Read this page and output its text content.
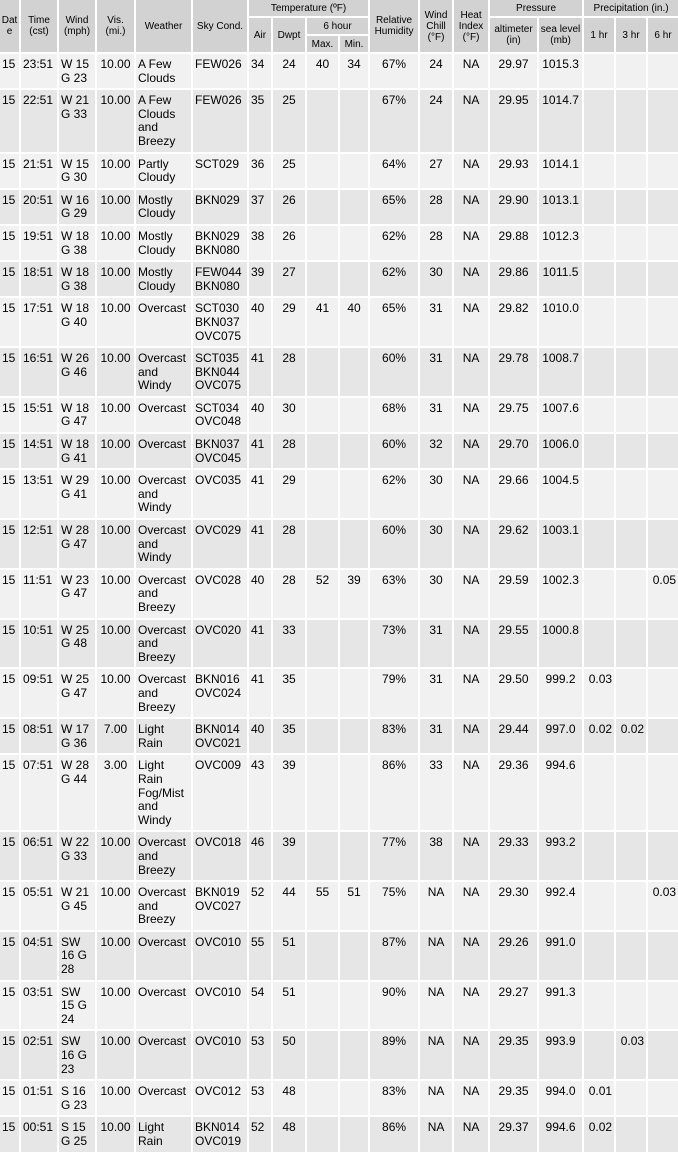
Date	Time (cst)	Wind (mph)	Vis. (mi.)	Weather	Sky Cond.	Temperature (ºF)				Relative Humidity	Wind Chill (°F)	Heat Index (°F)	Pressure		Precipitation (in.)		
						Air	Dwpt	6 hour					altimeter (in)	sea level (mb)	1 hr	3 hr	6 hr
								Max.	Min.								
15	23:51	W 15 G 23	10.00	A Few Clouds	FEW026	34	24	40	34	67%	24	NA	29.97	1015.3			
15	22:51	W 21 G 33	10.00	A Few Clouds and Breezy	FEW026	35	25			67%	24	NA	29.95	1014.7			
15	21:51	W 15 G 30	10.00	Partly Cloudy	SCT029	36	25			64%	27	NA	29.93	1014.1			
15	20:51	W 16 G 29	10.00	Mostly Cloudy	BKN029	37	26			65%	28	NA	29.90	1013.1			
15	19:51	W 18 G 38	10.00	Mostly Cloudy	BKN029 BKN080	38	26			62%	28	NA	29.88	1012.3			
15	18:51	W 18 G 38	10.00	Mostly Cloudy	FEW044 BKN080	39	27			62%	30	NA	29.86	1011.5			
15	17:51	W 18 G 40	10.00	Overcast	SCT030 BKN037 OVC075	40	29	41	40	65%	31	NA	29.82	1010.0			
15	16:51	W 26 G 46	10.00	Overcast and Windy	SCT035 BKN044 OVC075	41	28			60%	31	NA	29.78	1008.7			
15	15:51	W 18 G 47	10.00	Overcast	SCT034 OVC048	40	30			68%	31	NA	29.75	1007.6			
15	14:51	W 18 G 41	10.00	Overcast	BKN037 OVC045	41	28			60%	32	NA	29.70	1006.0			
15	13:51	W 29 G 41	10.00	Overcast and Windy	OVC035	41	29			62%	30	NA	29.66	1004.5			
15	12:51	W 28 G 47	10.00	Overcast and Windy	OVC029	41	28			60%	30	NA	29.62	1003.1			
15	11:51	W 23 G 47	10.00	Overcast and Breezy	OVC028	40	28	52	39	63%	30	NA	29.59	1002.3			0.05
15	10:51	W 25 G 48	10.00	Overcast and Breezy	OVC020	41	33			73%	31	NA	29.55	1000.8			
15	09:51	W 25 G 47	10.00	Overcast and Breezy	BKN016 OVC024	41	35			79%	31	NA	29.50	999.2	0.03		
15	08:51	W 17 G 36	7.00	Light Rain	BKN014 OVC021	40	35			83%	31	NA	29.44	997.0	0.02	0.02	
15	07:51	W 28 G 44	3.00	Light Rain Fog/Mist and Windy	OVC009	43	39			86%	33	NA	29.36	994.6			
15	06:51	W 22 G 33	10.00	Overcast and Breezy	OVC018	46	39			77%	38	NA	29.33	993.2			
15	05:51	W 21 G 45	10.00	Overcast and Breezy	BKN019 OVC027	52	44	55	51	75%	NA	NA	29.30	992.4			0.03
15	04:51	SW 16 G 28	10.00	Overcast	OVC010	55	51			87%	NA	NA	29.26	991.0			
15	03:51	SW 15 G 24	10.00	Overcast	OVC010	54	51			90%	NA	NA	29.27	991.3			
15	02:51	SW 16 G 23	10.00	Overcast	OVC010	53	50			89%	NA	NA	29.35	993.9		0.03	
15	01:51	S 16 G 23	10.00	Overcast	OVC012	53	48			83%	NA	NA	29.35	994.0	0.01		
15	00:51	S 15 G 25	10.00	Light Rain	BKN014 OVC019	52	48			86%	NA	NA	29.37	994.6	0.02		
